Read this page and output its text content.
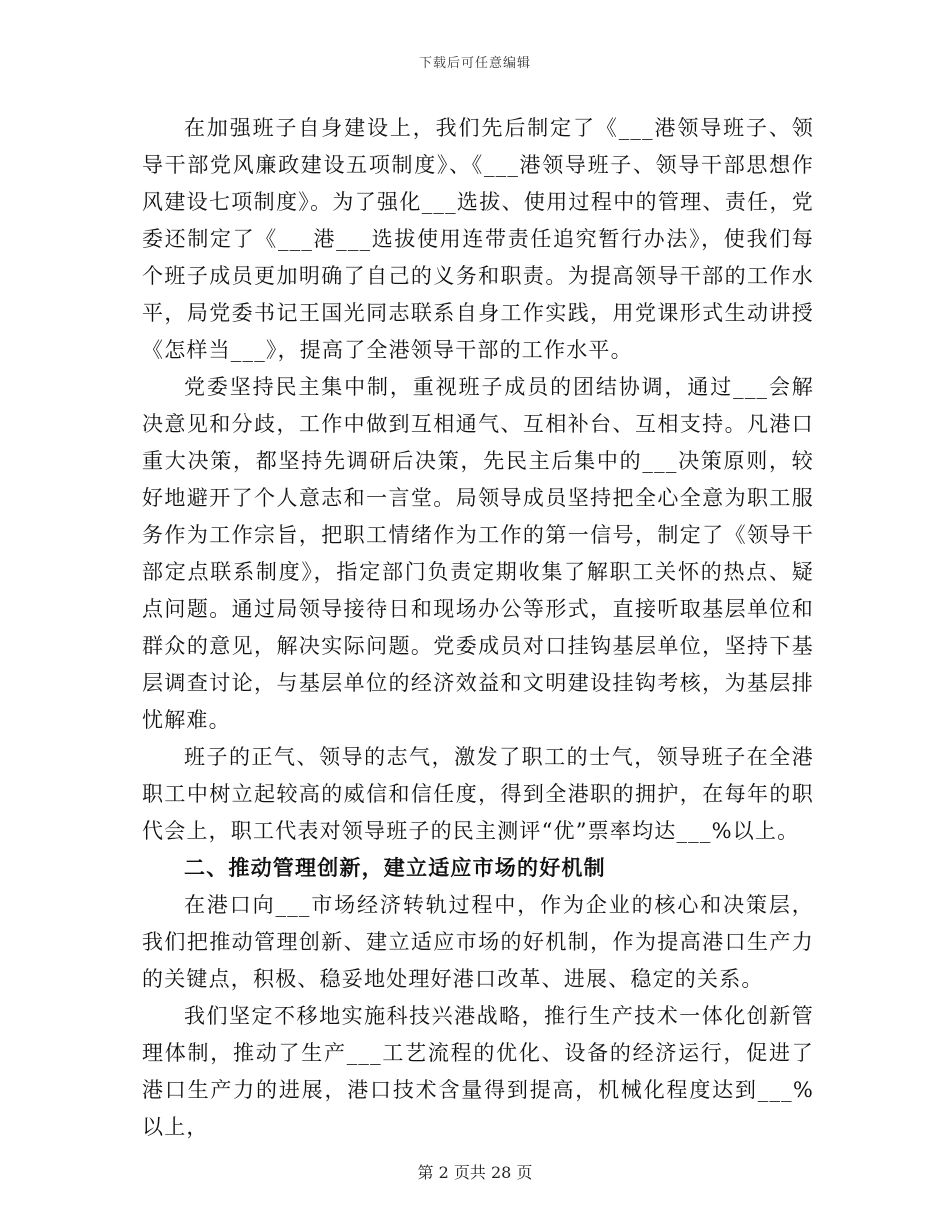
下载后可任意编辑

在加强班子自身建设上，我们先后制定了《___港领导班子、领导干部党风廉政建设五项制度》、《___港领导班子、领导干部思想作风建设七项制度》。为了强化___选拔、使用过程中的管理、责任，党委还制定了《___港___选拔使用连带责任追究暂行办法》，使我们每个班子成员更加明确了自己的义务和职责。为提高领导干部的工作水平，局党委书记王国光同志联系自身工作实践，用党课形式生动讲授《怎样当___》，提高了全港领导干部的工作水平。

党委坚持民主集中制，重视班子成员的团结协调，通过___会解决意见和分歧，工作中做到互相通气、互相补台、互相支持。凡港口重大决策，都坚持先调研后决策，先民主后集中的___决策原则，较好地避开了个人意志和一言堂。局领导成员坚持把全心全意为职工服务作为工作宗旨，把职工情绪作为工作的第一信号，制定了《领导干部定点联系制度》，指定部门负责定期收集了解职工关怀的热点、疑点问题。通过局领导接待日和现场办公等形式，直接听取基层单位和群众的意见，解决实际问题。党委成员对口挂钩基层单位，坚持下基层调查讨论，与基层单位的经济效益和文明建设挂钩考核，为基层排忧解难。

班子的正气、领导的志气，激发了职工的士气，领导班子在全港职工中树立起较高的威信和信任度，得到全港职的拥护，在每年的职代会上，职工代表对领导班子的民主测评“优”票率均达___%以上。

二、推动管理创新，建立适应市场的好机制

在港口向___市场经济转轨过程中，作为企业的核心和决策层，我们把推动管理创新、建立适应市场的好机制，作为提高港口生产力的关键点，积极、稳妥地处理好港口改革、进展、稳定的关系。

我们坚定不移地实施科技兴港战略，推行生产技术一体化创新管理体制，推动了生产___工艺流程的优化、设备的经济运行，促进了港口生产力的进展，港口技术含量得到提高，机械化程度达到___%以上，

第 2 页共 28 页
